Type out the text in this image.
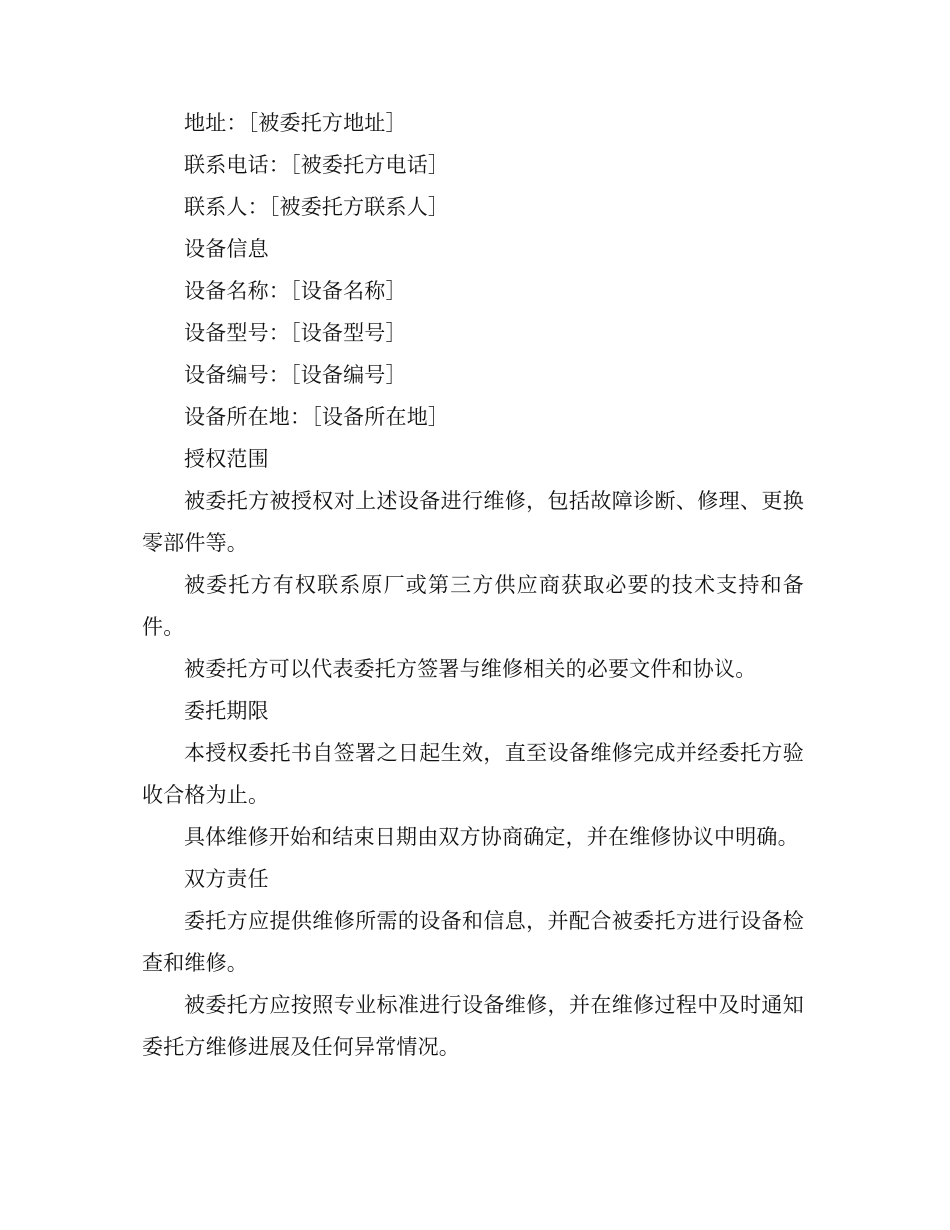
地址：［被委托方地址］

联系电话：［被委托方电话］

联系人：［被委托方联系人］

设备信息

设备名称：［设备名称］

设备型号：［设备型号］

设备编号：［设备编号］

设备所在地：［设备所在地］

授权范围

被委托方被授权对上述设备进行维修，包括故障诊断、修理、更换零部件等。

被委托方有权联系原厂或第三方供应商获取必要的技术支持和备件。

被委托方可以代表委托方签署与维修相关的必要文件和协议。

委托期限

本授权委托书自签署之日起生效，直至设备维修完成并经委托方验收合格为止。

具体维修开始和结束日期由双方协商确定，并在维修协议中明确。

双方责任

委托方应提供维修所需的设备和信息，并配合被委托方进行设备检查和维修。

被委托方应按照专业标准进行设备维修，并在维修过程中及时通知委托方维修进展及任何异常情况。
